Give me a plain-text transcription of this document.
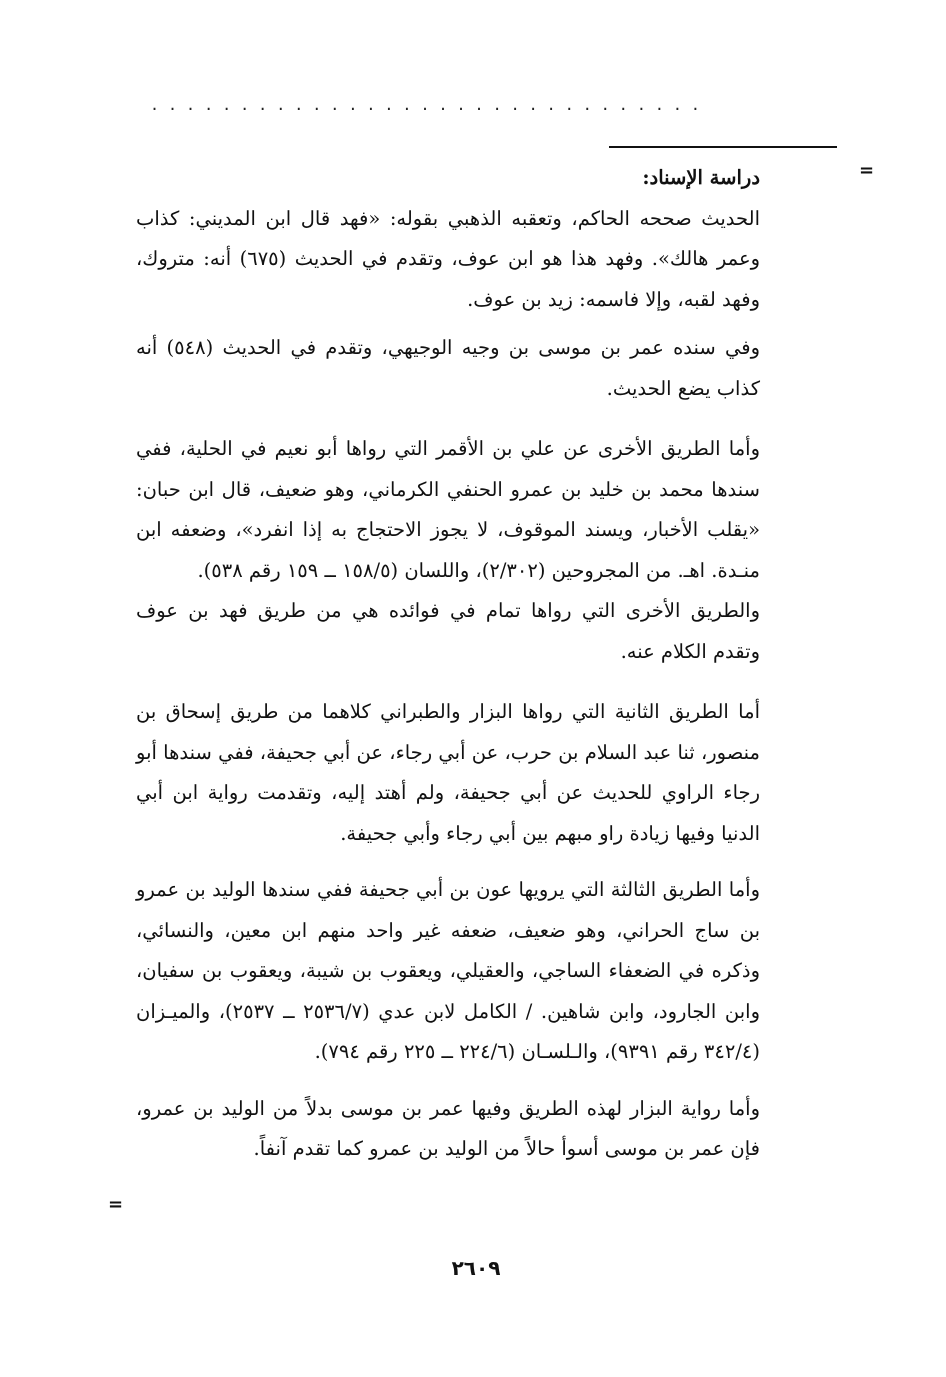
...............................
=

دراسة الإسناد:

الحديث صححه الحاكم، وتعقبه الذهبي بقوله: «فهد قال ابن المديني: كذاب وعمر هالك». وفهد هذا هو ابن عوف، وتقدم في الحديث (٦٧٥) أنه: متروك، وفهد لقبه، وإلا فاسمه: زيد بن عوف.

وفي سنده عمر بن موسى بن وجيه الوجيهي، وتقدم في الحديث (٥٤٨) أنه كذاب يضع الحديث.

وأما الطريق الأخرى عن علي بن الأقمر التي رواها أبو نعيم في الحلية، ففي سندها محمد بن خليد بن عمرو الحنفي الكرماني، وهو ضعيف، قال ابن حبان: «يقلب الأخبار، ويسند الموقوف، لا يجوز الاحتجاج به إذا انفرد»، وضعفه ابن منـدة. اهـ. من المجروحين (٢/٣٠٢)، واللسان (١٥٨/٥ ــ ١٥٩ رقم ٥٣٨).

والطريق الأخرى التي رواها تمام في فوائده هي من طريق فهد بن عوف وتقدم الكلام عنه.

أما الطريق الثانية التي رواها البزار والطبراني كلاهما من طريق إسحاق بن منصور، ثنا عبد السلام بن حرب، عن أبي رجاء، عن أبي جحيفة، ففي سندها أبو رجاء الراوي للحديث عن أبي جحيفة، ولم أهتد إليه، وتقدمت رواية ابن أبي الدنيا وفيها زيادة راو مبهم بين أبي رجاء وأبي جحيفة.

وأما الطريق الثالثة التي يرويها عون بن أبي جحيفة ففي سندها الوليد بن عمرو بن ساج الحراني، وهو ضعيف، ضعفه غير واحد منهم ابن معين، والنسائي، وذكره في الضعفاء الساجي، والعقيلي، ويعقوب بن شيبة، ويعقوب بن سفيان، وابن الجارود، وابن شاهين. / الكامل لابن عدي (٢٥٣٦/٧ ــ ٢٥٣٧)، والميـزان (٣٤٢/٤ رقم ٩٣٩١)، والـلسـان (٢٢٤/٦ ــ ٢٢٥ رقم ٧٩٤).

وأما رواية البزار لهذه الطريق وفيها عمر بن موسى بدلاً من الوليد بن عمرو، فإن عمر بن موسى أسوأ حالاً من الوليد بن عمرو كما تقدم آنفاً.

=
٢٦٠٩
